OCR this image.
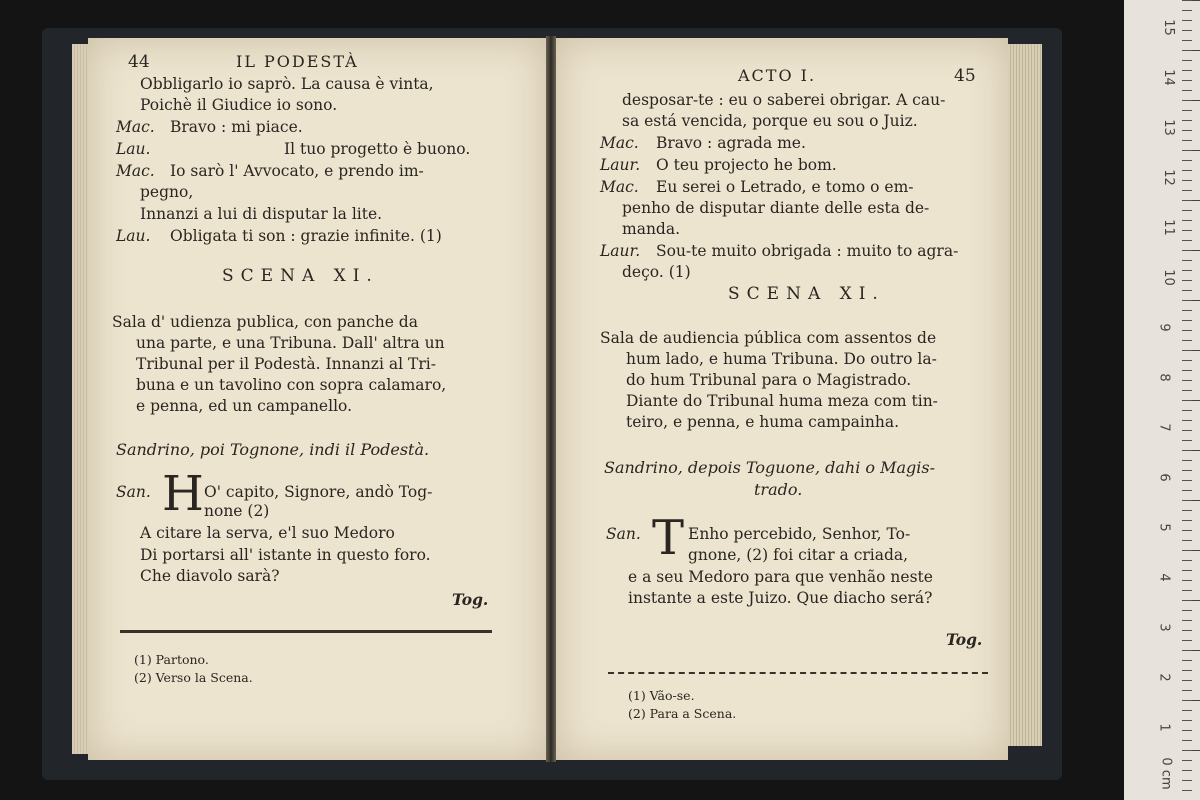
44	IL PODESTÀ
Obbligarlo io saprò. La causa è vinta,
Poichè il Giudice io sono.
Mac. Bravo : mi piace.
Lau.	Il tuo progetto è buono.
Mac. Io sarò l' Avvocato, e prendo im-
pegno,
Innanzi a lui di disputar la lite.
Lau. Obligata ti son : grazie infinite. (1)
SCENA XI.
Sala d' udienza publica, con panche da
una parte, e una Tribuna. Dall' altra un
Tribunal per il Podestà. Innanzi al Tri-
buna e un tavolino con sopra calamaro,
e penna, ed un campanello.
Sandrino, poi Tognone, indi il Podestà.
San. H O' capito, Signore, andò Tog-
none (2)
A citare la serva, e'l suo Medoro
Di portarsi all' istante in questo foro.
Che diavolo sarà?
Tog.
(1) Partono.
(2) Verso la Scena.
ACTO I.	45
desposar-te : eu o saberei obrigar. A cau-
sa está vencida, porque eu sou o Juiz.
Mac. Bravo : agrada me.
Laur. O teu projecto he bom.
Mac. Eu serei o Letrado, e tomo o em-
penho de disputar diante delle esta de-
manda.
Laur. Sou-te muito obrigada : muito to agra-
deço. (1)
SCENA XI.
Sala de audiencia pública com assentos de
hum lado, e huma Tribuna. Do outro la-
do hum Tribunal para o Magistrado.
Diante do Tribunal huma meza com tin-
teiro, e penna, e huma campainha.
Sandrino, depois Toguone, dahi o Magis-
trado.
San. T Enho percebido, Senhor, To-
gnone, (2) foi citar a criada,
e a seu Medoro para que venhão neste
instante a este Juizo. Que diacho será?
Tog.
(1) Vão-se.
(2) Para a Scena.
15
14
13
12
11
10
9
8
7
6
5
4
3
2
1
0 cm
